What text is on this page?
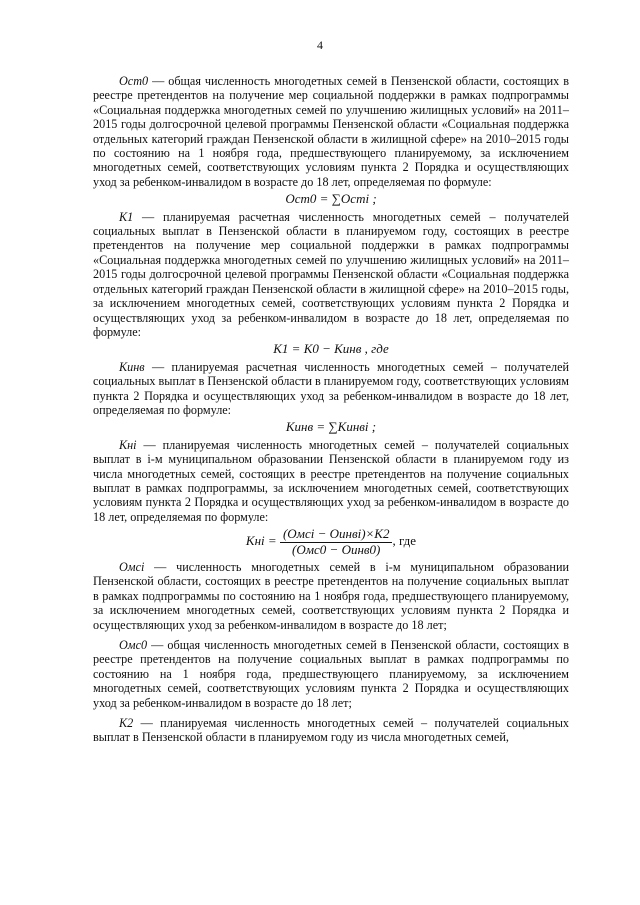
4

Oст0 — общая численность многодетных семей в Пензенской области, состоящих в реестре претендентов на получение мер социальной поддержки в рамках подпрограммы «Социальная поддержка многодетных семей по улучшению жилищных условий» на 2011–2015 годы долгосрочной целевой программы Пензенской области «Социальная поддержка отдельных категорий граждан Пензенской области в жилищной сфере» на 2010–2015 годы по состоянию на 1 ноября года, предшествующего планируемому, за исключением многодетных семей, соответствующих условиям пункта 2 Порядка и осуществляющих уход за ребенком-инвалидом в возрасте до 18 лет, определяемая по формуле:

Oст0 = ∑Oстi ;

K1 — планируемая расчетная численность многодетных семей – получателей социальных выплат в Пензенской области в планируемом году, состоящих в реестре претендентов на получение мер социальной поддержки в рамках подпрограммы «Социальная поддержка многодетных семей по улучшению жилищных условий» на 2011–2015 годы долгосрочной целевой программы Пензенской области «Социальная поддержка отдельных категорий граждан Пензенской области в жилищной сфере» на 2010–2015 годы, за исключением многодетных семей, соответствующих условиям пункта 2 Порядка и осуществляющих уход за ребенком-инвалидом в возрасте до 18 лет, определяемая по формуле:

K1 = K0 − Kинв , где

Kинв — планируемая расчетная численность многодетных семей – получателей социальных выплат в Пензенской области в планируемом году, соответствующих условиям пункта 2 Порядка и осуществляющих уход за ребенком-инвалидом в возрасте до 18 лет, определяемая по формуле:

Kинв = ∑Kинвi ;

Kнi — планируемая численность многодетных семей – получателей социальных выплат в i-м муниципальном образовании Пензенской области в планируемом году из числа многодетных семей, состоящих в реестре претендентов на получение социальных выплат в рамках подпрограммы, за исключением многодетных семей, соответствующих условиям пункта 2 Порядка и осуществляющих уход за ребенком-инвалидом в возрасте до 18 лет, определяемая по формуле:

Kнi = $\frac{\text{(Oмсi − Oинвi)×K2}}{\text{(Oмс0 − Oинв0)}}$ , где

Oмсi — численность многодетных семей в i-м муниципальном образовании Пензенской области, состоящих в реестре претендентов на получение социальных выплат в рамках подпрограммы по состоянию на 1 ноября года, предшествующего планируемому, за исключением многодетных семей, соответствующих условиям пункта 2 Порядка и осуществляющих уход за ребенком-инвалидом в возрасте до 18 лет;

Oмс0 — общая численность многодетных семей в Пензенской области, состоящих в реестре претендентов на получение социальных выплат в рамках подпрограммы по состоянию на 1 ноября года, предшествующего планируемому, за исключением многодетных семей, соответствующих условиям пункта 2 Порядка и осуществляющих уход за ребенком-инвалидом в возрасте до 18 лет;

K2 — планируемая численность многодетных семей – получателей социальных выплат в Пензенской области в планируемом году из числа многодетных семей,
